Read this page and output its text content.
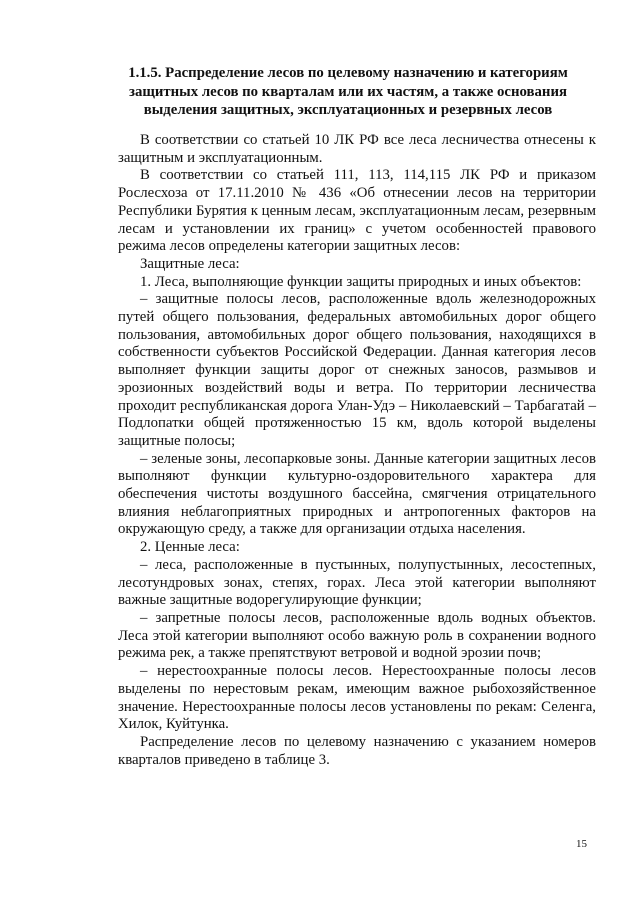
1.1.5. Распределение лесов по целевому назначению и категориям
защитных лесов по кварталам или их частям, а также основания
выделения защитных, эксплуатационных и резервных лесов

В соответствии со статьей 10 ЛК РФ все леса лесничества отнесены к защитным и эксплуатационным.

В соответствии со статьей 111, 113, 114,115 ЛК РФ и приказом Рослесхоза от 17.11.2010 № 436 «Об отнесении лесов на территории Республики Бурятия к ценным лесам, эксплуатационным лесам, резервным лесам и установлении их границ» с учетом особенностей правового режима лесов определены категории защитных лесов:

Защитные леса:

1. Леса, выполняющие функции защиты природных и иных объектов:

– защитные полосы лесов, расположенные вдоль железнодорожных путей общего пользования, федеральных автомобильных дорог общего пользования, автомобильных дорог общего пользования, находящихся в собственности субъектов Российской Федерации. Данная категория лесов выполняет функции защиты дорог от снежных заносов, размывов и эрозионных воздействий воды и ветра. По территории лесничества проходит республиканская дорога Улан-Удэ – Николаевский – Тарбагатай – Подлопатки общей протяженностью 15 км, вдоль которой выделены защитные полосы;

– зеленые зоны, лесопарковые зоны. Данные категории защитных лесов выполняют функции культурно-оздоровительного характера для обеспечения чистоты воздушного бассейна, смягчения отрицательного влияния неблагоприятных природных и антропогенных факторов на окружающую среду, а также для организации отдыха населения.

2. Ценные леса:

– леса, расположенные в пустынных, полупустынных, лесостепных, лесотундровых зонах, степях, горах. Леса этой категории выполняют важные защитные водорегулирующие функции;

– запретные полосы лесов, расположенные вдоль водных объектов. Леса этой категории выполняют особо важную роль в сохранении водного режима рек, а также препятствуют ветровой и водной эрозии почв;

– нерестоохранные полосы лесов. Нерестоохранные полосы лесов выделены по нерестовым рекам, имеющим важное рыбохозяйственное значение. Нерестоохранные полосы лесов установлены по рекам: Селенга, Хилок, Куйтунка.

Распределение лесов по целевому назначению с указанием номеров кварталов приведено в таблице 3.

15
